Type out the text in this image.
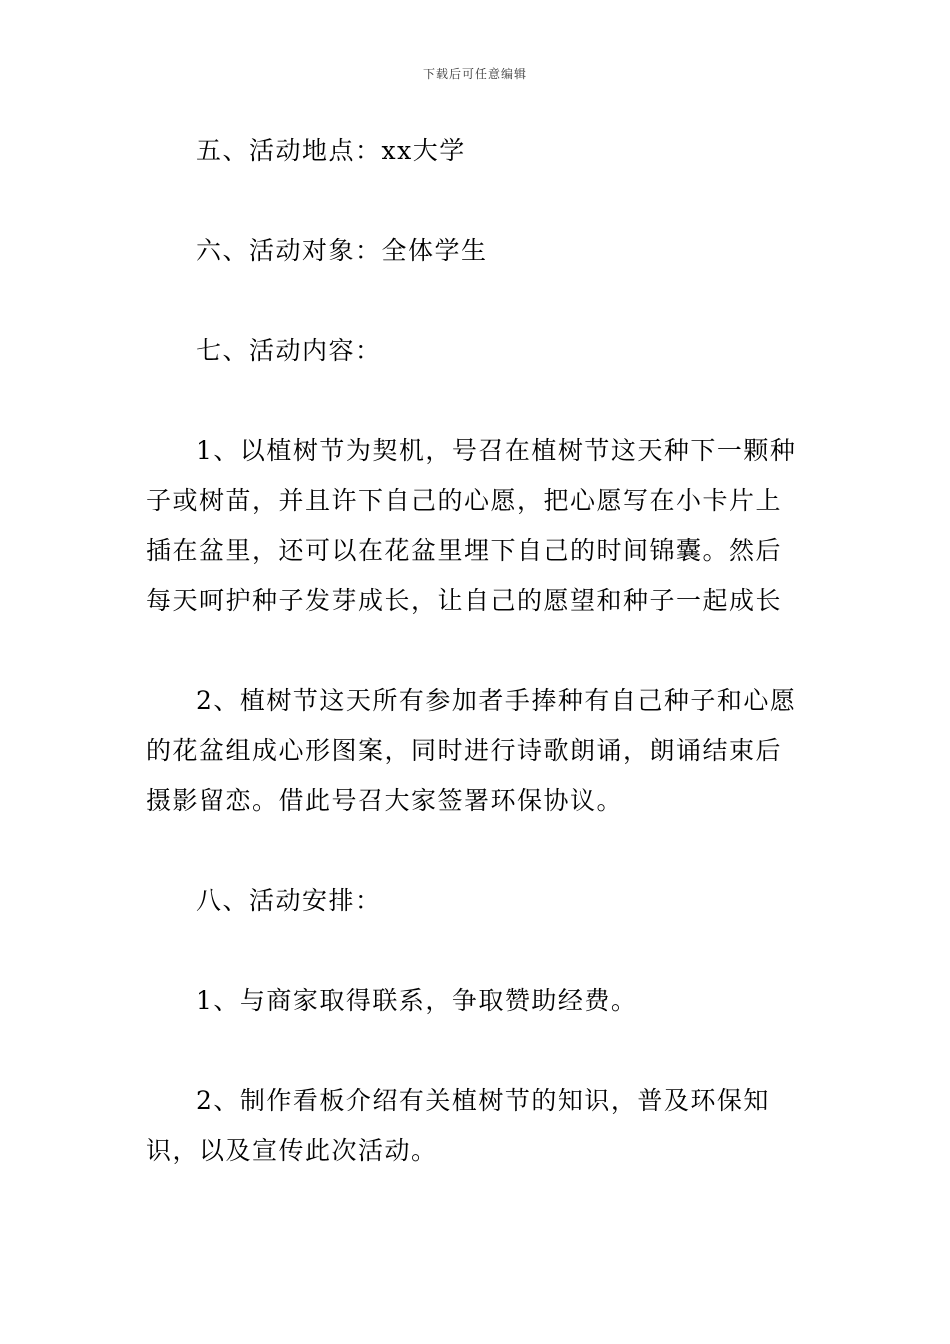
下载后可任意编辑

五、活动地点：xx大学

六、活动对象：全体学生

七、活动内容：

1、以植树节为契机，号召在植树节这天种下一颗种子或树苗，并且许下自己的心愿，把心愿写在小卡片上插在盆里，还可以在花盆里埋下自己的时间锦囊。然后每天呵护种子发芽成长，让自己的愿望和种子一起成长

2、植树节这天所有参加者手捧种有自己种子和心愿的花盆组成心形图案，同时进行诗歌朗诵，朗诵结束后摄影留恋。借此号召大家签署环保协议。

八、活动安排：

1、与商家取得联系，争取赞助经费。

2、制作看板介绍有关植树节的知识，普及环保知识，以及宣传此次活动。
